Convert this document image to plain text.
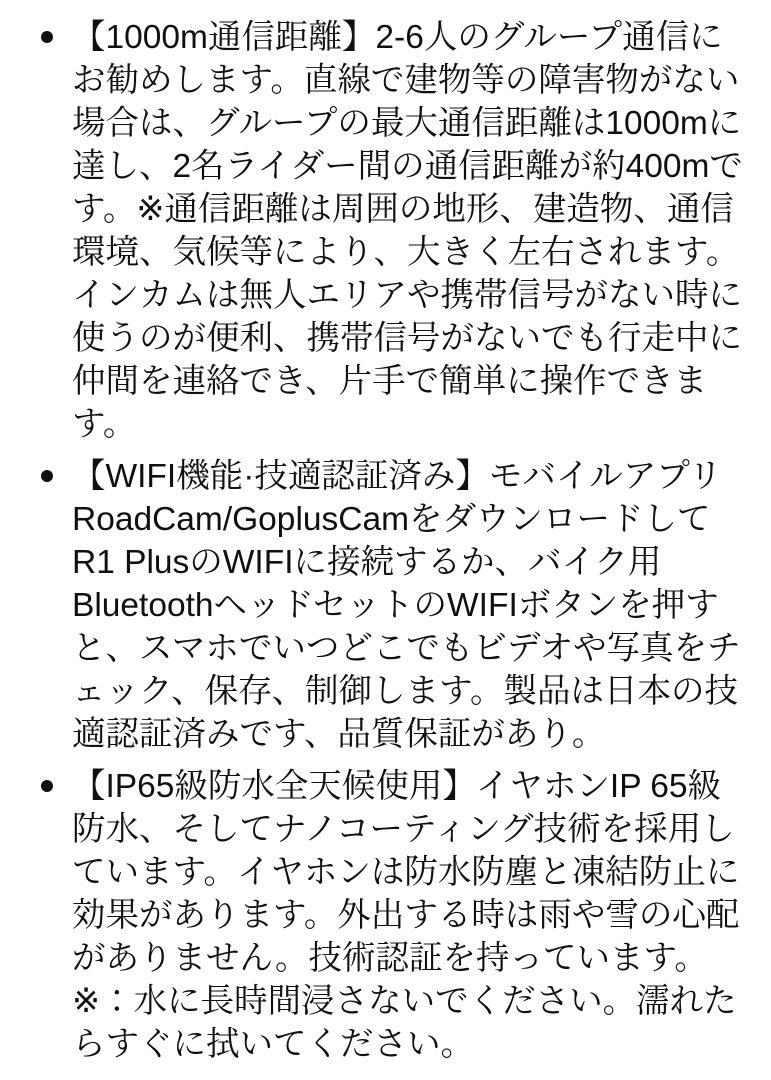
【1000m通信距離】2-6人のグループ通信にお勧めします。直線で建物等の障害物がない場合は、グループの最大通信距離は1000mに達し、2名ライダー間の通信距離が約400mです。※通信距離は周囲の地形、建造物、通信環境、気候等により、大きく左右されます。インカムは無人エリアや携帯信号がない時に使うのが便利、携帯信号がないでも行走中に仲間を連絡でき、片手で簡単に操作できます。

【WIFI機能·技適認証済み】モバイルアプリRoadCam/GoplusCamをダウンロードしてR1 PlusのWIFIに接続するか、バイク用BluetoothヘッドセットのWIFIボタンを押すと、スマホでいつどこでもビデオや写真をチェック、保存、制御します。製品は日本の技適認証済みです、品質保証があり。

【IP65級防水全天候使用】イヤホンIP 65級防水、そしてナノコーティング技術を採用しています。イヤホンは防水防塵と凍結防止に効果があります。外出する時は雨や雪の心配がありません。技術認証を持っています。※：水に長時間浸さないでください。濡れたらすぐに拭いてください。
